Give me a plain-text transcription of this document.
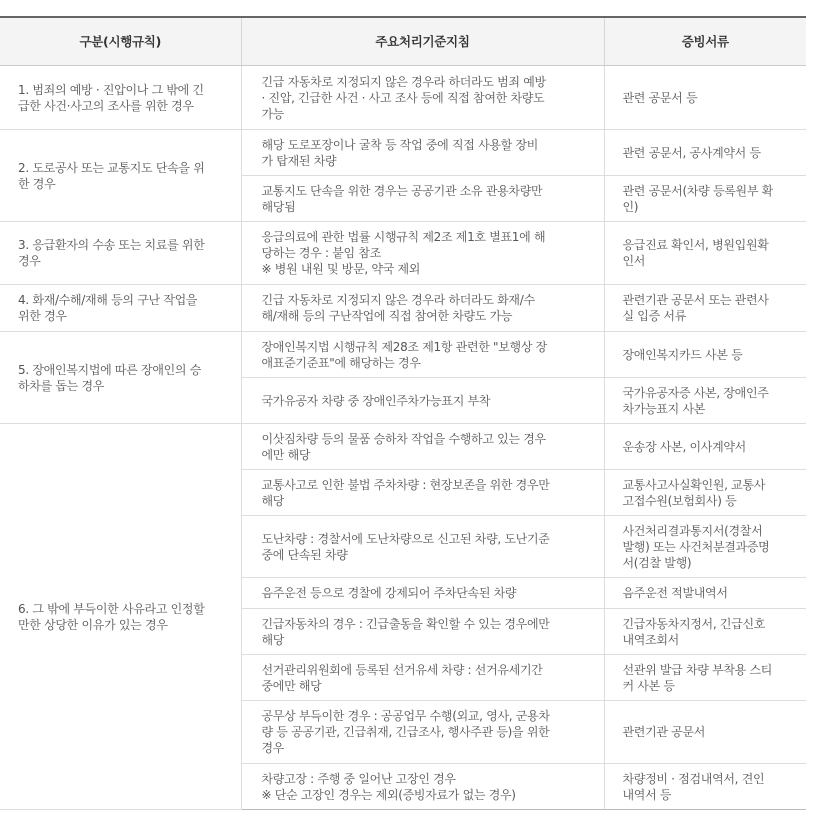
구분(시행규칙)	주요처리기준지침	증빙서류

1. 범죄의 예방 · 진압이나 그 밖에 긴
급한 사건·사고의 조사를 위한 경우	긴급 자동차로 지정되지 않은 경우라 하더라도 범죄 예방
· 진압, 긴급한 사건 · 사고 조사 등에 직접 참여한 차량도
가능	관련 공문서 등

2. 도로공사 또는 교통지도 단속을 위
한 경우	해당 도로포장이나 굴착 등 작업 중에 직접 사용할 장비
가 탑재된 차량	관련 공문서, 공사계약서 등

	교통지도 단속을 위한 경우는 공공기관 소유 관용차량만
해당됨	관련 공문서(차량 등록원부 확
인)

3. 응급환자의 수송 또는 치료를 위한
경우	응급의료에 관한 법률 시행규칙 제2조 제1호 별표1에 해
당하는 경우 : 붙임 참조
※ 병원 내원 및 방문, 약국 제외	응급진료 확인서, 병원입원확
인서

4. 화재/수해/재해 등의 구난 작업을
위한 경우	긴급 자동차로 지정되지 않은 경우라 하더라도 화재/수
해/재해 등의 구난작업에 직접 참여한 차량도 가능	관련기관 공문서 또는 관련사
실 입증 서류

5. 장애인복지법에 따른 장애인의 승
하차를 돕는 경우	장애인복지법 시행규칙 제28조 제1항 관련한 "보행상 장
애표준기준표"에 해당하는 경우	장애인복지카드 사본 등

	국가유공자 차량 중 장애인주차가능표지 부착	국가유공자증 사본, 장애인주
차가능표지 사본

6. 그 밖에 부득이한 사유라고 인정할
만한 상당한 이유가 있는 경우	이삿짐차량 등의 물품 승하차 작업을 수행하고 있는 경우
에만 해당	운송장 사본, 이사계약서

	교통사고로 인한 불법 주차차량 : 현장보존을 위한 경우만
해당	교통사고사실확인원, 교통사
고접수원(보험회사) 등

	도난차량 : 경찰서에 도난차량으로 신고된 차량, 도난기준
중에 단속된 차량	사건처리결과통지서(경찰서
발행) 또는 사건처분결과증명
서(검찰 발행)

	음주운전 등으로 경찰에 강제되어 주차단속된 차량	음주운전 적발내역서

	긴급자동차의 경우 : 긴급출동을 확인할 수 있는 경우에만
해당	긴급자동차지정서, 긴급신호
내역조회서

	선거관리위원회에 등록된 선거유세 차량 : 선거유세기간
중에만 해당	선관위 발급 차량 부착용 스티
커 사본 등

	공무상 부득이한 경우 : 공공업무 수행(외교, 영사, 군용차
량 등 공공기관, 긴급취재, 긴급조사, 행사주관 등)을 위한
경우	관련기관 공문서

	차량고장 : 주행 중 일어난 고장인 경우
※ 단순 고장인 경우는 제외(증빙자료가 없는 경우)	차량정비 · 점검내역서, 견인
내역서 등
